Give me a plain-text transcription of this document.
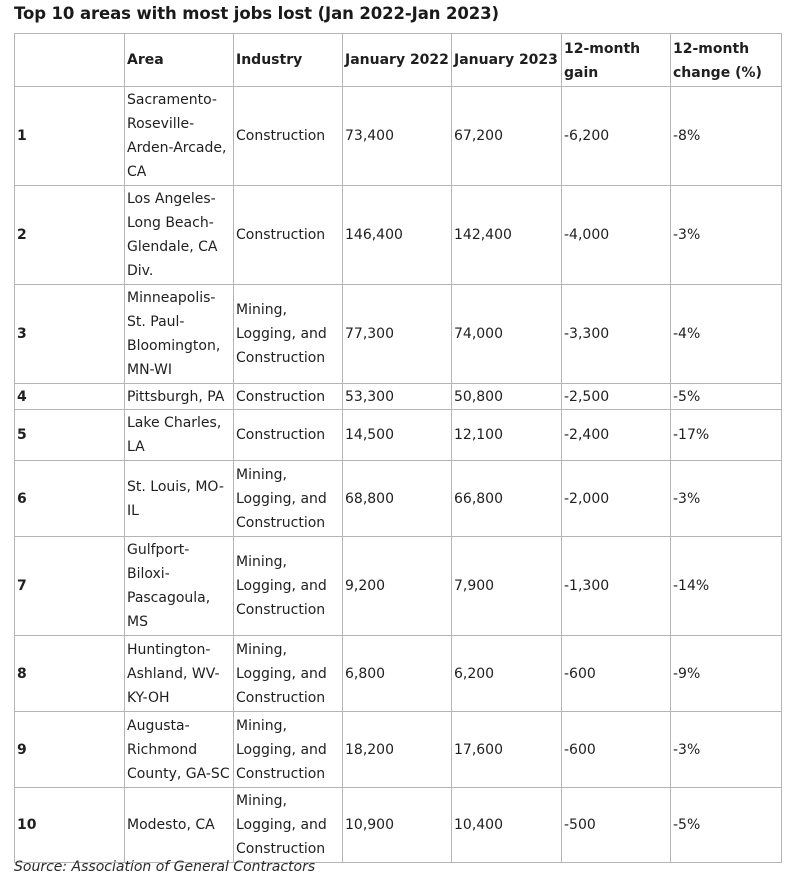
Top 10 areas with most jobs lost (Jan 2022-Jan 2023)
	Area	Industry	January 2022	January 2023	12-month gain	12-month change (%)
1	Sacramento-Roseville-Arden-Arcade, CA	Construction	73,400	67,200	-6,200	-8%
2	Los Angeles-Long Beach-Glendale, CA Div.	Construction	146,400	142,400	-4,000	-3%
3	Minneapolis-St. Paul-Bloomington, MN-WI	Mining, Logging, and Construction	77,300	74,000	-3,300	-4%
4	Pittsburgh, PA	Construction	53,300	50,800	-2,500	-5%
5	Lake Charles, LA	Construction	14,500	12,100	-2,400	-17%
6	St. Louis, MO-IL	Mining, Logging, and Construction	68,800	66,800	-2,000	-3%
7	Gulfport-Biloxi-Pascagoula, MS	Mining, Logging, and Construction	9,200	7,900	-1,300	-14%
8	Huntington-Ashland, WV-KY-OH	Mining, Logging, and Construction	6,800	6,200	-600	-9%
9	Augusta-Richmond County, GA-SC	Mining, Logging, and Construction	18,200	17,600	-600	-3%
10	Modesto, CA	Mining, Logging, and Construction	10,900	10,400	-500	-5%
Source: Association of General Contractors
